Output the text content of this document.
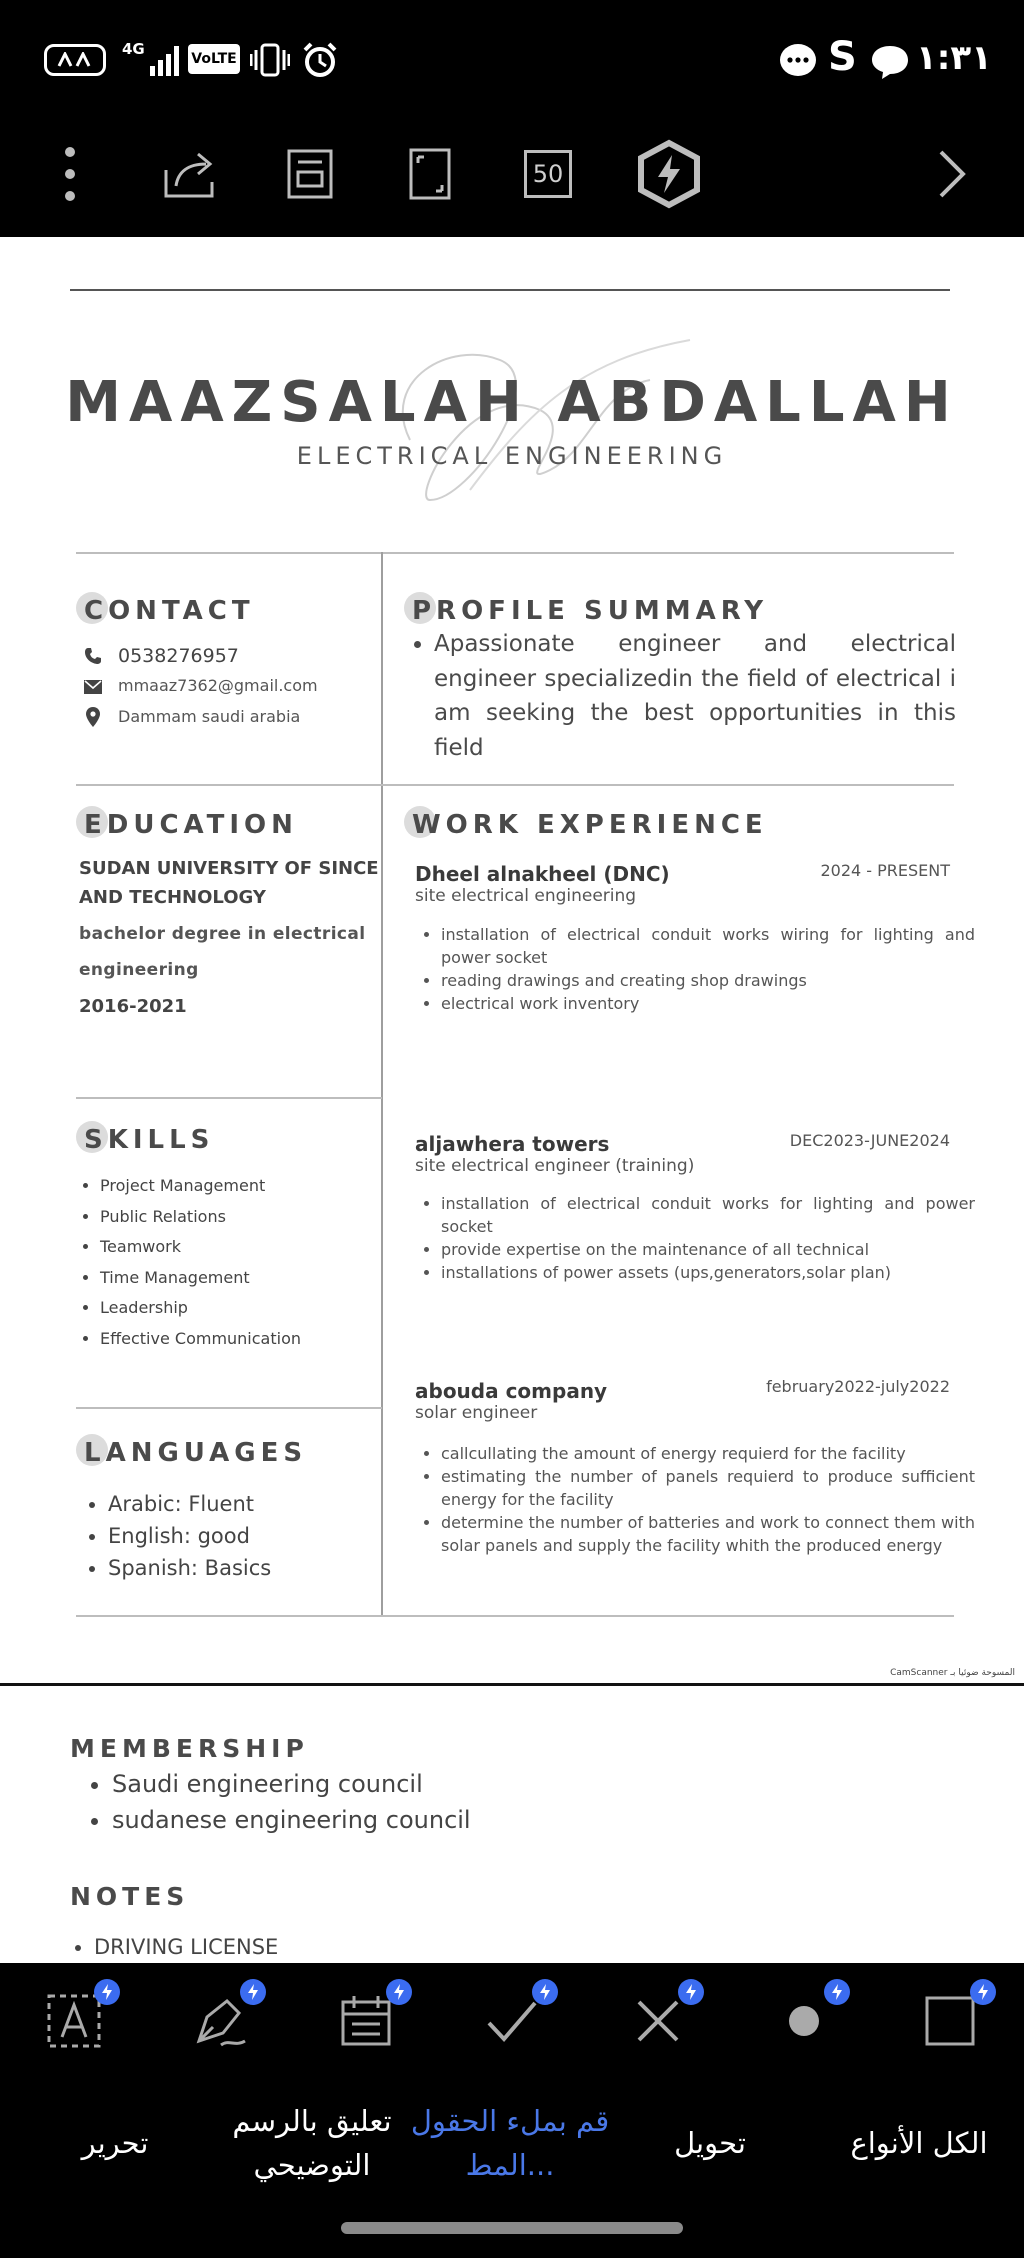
4G
VoLTE	S ١:٣١
50
MAAZSALAH ABDALLAH
ELECTRICAL ENGINEERING
CONTACT
0538276957
mmaaz7362@gmail.com
Dammam saudi arabia
PROFILE SUMMARY
• Apassionate engineer and electrical engineer specializedin the field of electrical i am seeking the best opportunities in this field
EDUCATION
SUDAN UNIVERSITY OF SINCE AND TECHNOLOGY
bachelor degree in electrical engineering
2016-2021
WORK EXPERIENCE
Dheel alnakheel (DNC)	2024 - PRESENT
site electrical engineering
• installation of electrical conduit works wiring for lighting and power socket
• reading drawings and creating shop drawings
• electrical work inventory
aljawhera towers	DEC2023-JUNE2024
site electrical engineer (training)
• installation of electrical conduit works for lighting and power socket
• provide expertise on the maintenance of all technical
• installations of power assets (ups,generators,solar plan)
abouda company	february2022-july2022
solar engineer
• callcullating the amount of energy requierd for the facility
• estimating the number of panels requierd to produce sufficient energy for the facility
• determine the number of batteries and work to connect them with solar panels and supply the facility whith the produced energy
SKILLS
• Project Management
• Public Relations
• Teamwork
• Time Management
• Leadership
• Effective Communication
LANGUAGES
• Arabic: Fluent
• English: good
• Spanish: Basics
CamScanner المسوحة ضوئيا بـ
MEMBERSHIP
• Saudi engineering council
• sudanese engineering council
NOTES
• DRIVING LICENSE
الكل الأنواع
تحويل
قم بملء الحقول المط...
تعليق بالرسم التوضيحي
تحرير
